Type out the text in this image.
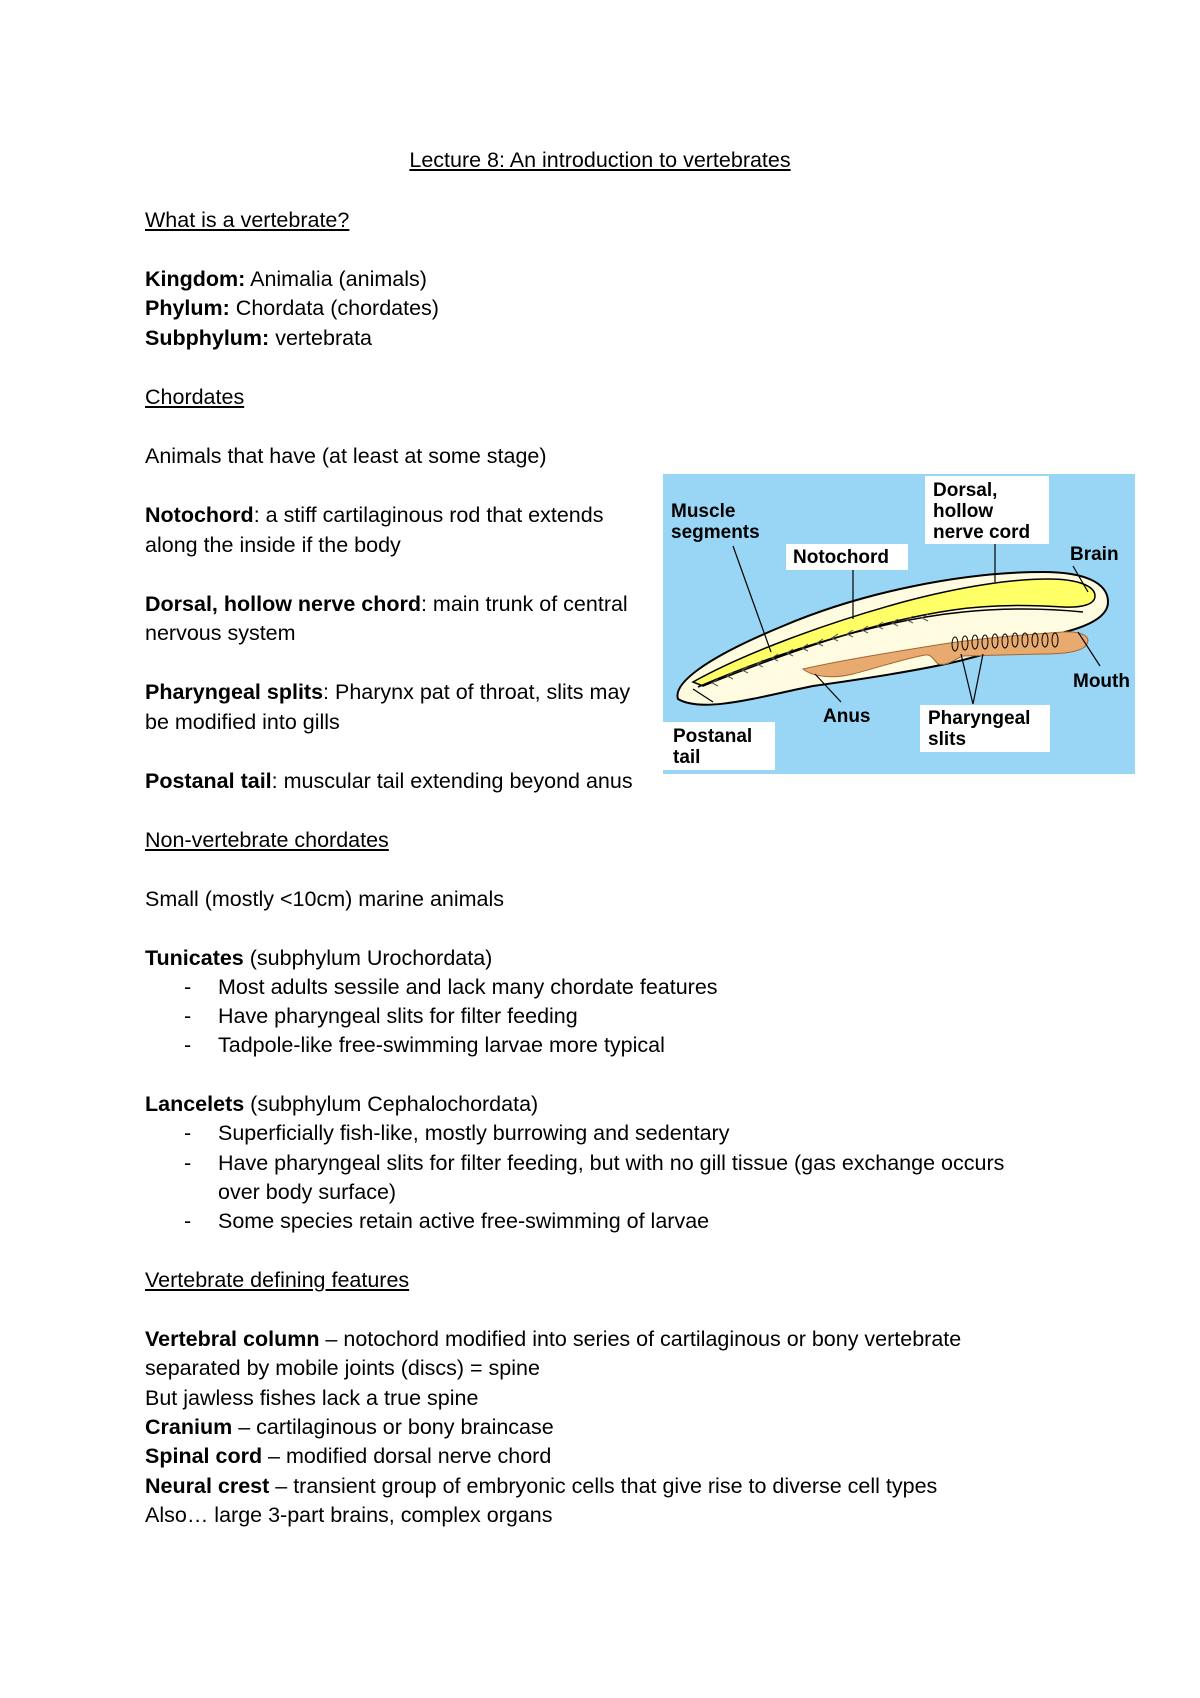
Lecture 8: An introduction to vertebrates
What is a vertebrate?
Kingdom: Animalia (animals)
Phylum: Chordata (chordates)
Subphylum: vertebrata
Chordates
Animals that have (at least at some stage)
Notochord: a stiff cartilaginous rod that extends
along the inside if the body
Dorsal, hollow nerve chord: main trunk of central
nervous system
Pharyngeal splits: Pharynx pat of throat, slits may
be modified into gills
Postanal tail: muscular tail extending beyond anus
Muscle
segments
Dorsal,
hollow
nerve cord
Notochord	Brain
Mouth
Anus	Pharyngeal
slits
Postanal
tail
Non-vertebrate chordates
Small (mostly <10cm) marine animals
Tunicates (subphylum Urochordata)
- Most adults sessile and lack many chordate features
- Have pharyngeal slits for filter feeding
- Tadpole-like free-swimming larvae more typical
Lancelets (subphylum Cephalochordata)
- Superficially fish-like, mostly burrowing and sedentary
- Have pharyngeal slits for filter feeding, but with no gill tissue (gas exchange occurs
over body surface)
- Some species retain active free-swimming of larvae
Vertebrate defining features
Vertebral column – notochord modified into series of cartilaginous or bony vertebrate
separated by mobile joints (discs) = spine
But jawless fishes lack a true spine
Cranium – cartilaginous or bony braincase
Spinal cord – modified dorsal nerve chord
Neural crest – transient group of embryonic cells that give rise to diverse cell types
Also… large 3-part brains, complex organs
